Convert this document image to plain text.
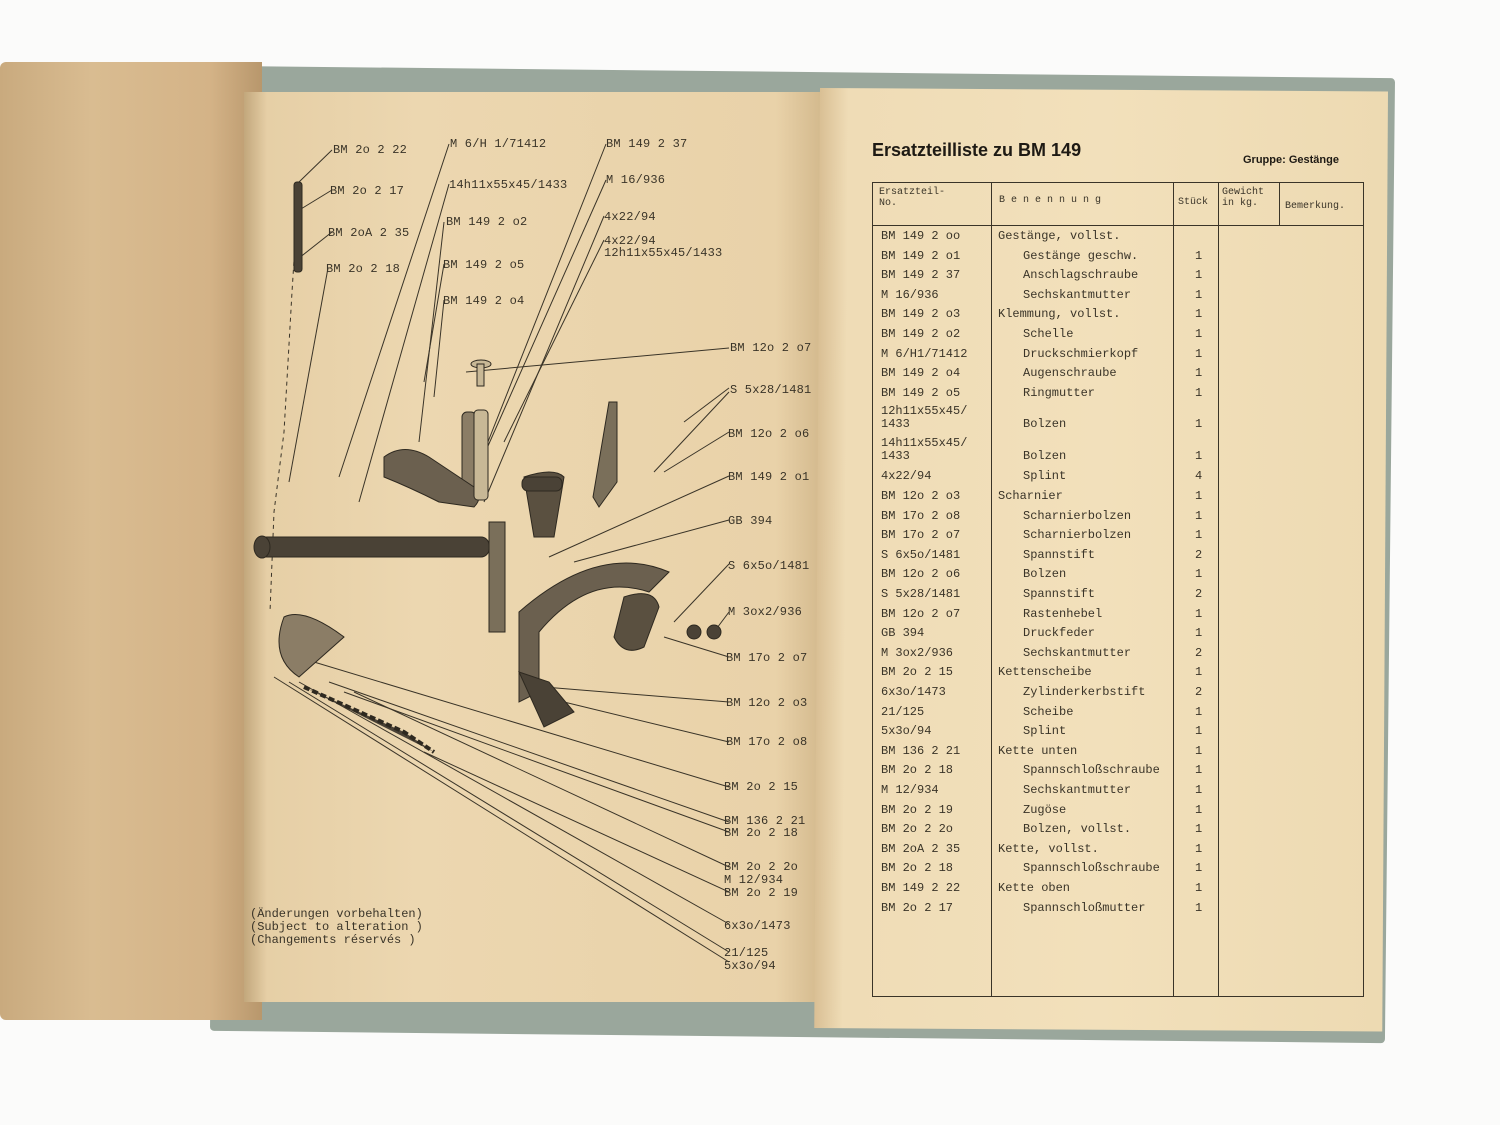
BM 2o 2 22
BM 2o 2 17
BM 2oA 2 35
BM 2o 2 18
M 6/H 1/71412
14h11x55x45/1433
BM 149 2 o2
BM 149 2 o5
BM 149 2 o4
BM 149 2 37
M 16/936
4x22/94
4x22/94
12h11x55x45/1433
BM 12o 2 o7
S 5x28/1481
BM 12o 2 o6
BM 149 2 o1
GB 394
S 6x5o/1481
M 3ox2/936
BM 17o 2 o7
BM 12o 2 o3
BM 17o 2 o8
BM 2o 2 15
BM 136 2 21
BM 2o 2 18
BM 2o 2 2o
M 12/934
BM 2o 2 19
6x3o/1473
21/125
5x3o/94
(Änderungen vorbehalten)
(Subject to alteration )
(Changements réservés )
Ersatzteilliste zu BM 149	Gruppe: Gestänge
Ersatzteil-
No.	B e n e n n u n g	Stück
Gewicht
in kg.	Bemerkung.
BM 149 2 oo	Gestänge, vollst.
BM 149 2 o1	Gestänge geschw.	1
BM 149 2 37	Anschlagschraube	1
M 16/936	Sechskantmutter	1
BM 149 2 o3	Klemmung, vollst.	1
BM 149 2 o2	Schelle	1
M 6/H1/71412	Druckschmierkopf	1
BM 149 2 o4	Augenschraube	1
BM 149 2 o5	Ringmutter	1
12h11x55x45/ 1433	Bolzen	1
14h11x55x45/ 1433	Bolzen	1
4x22/94	Splint	4
BM 12o 2 o3	Scharnier	1
BM 17o 2 o8	Scharnierbolzen	1
BM 17o 2 o7	Scharnierbolzen	1
S 6x5o/1481	Spannstift	2
BM 12o 2 o6	Bolzen	1
S 5x28/1481	Spannstift	2
BM 12o 2 o7	Rastenhebel	1
GB 394	Druckfeder	1
M 3ox2/936	Sechskantmutter	2
BM 2o 2 15	Kettenscheibe	1
6x3o/1473	Zylinderkerbstift	2
21/125	Scheibe	1
5x3o/94	Splint	1
BM 136 2 21	Kette unten	1
BM 2o 2 18	Spannschloßschraube	1
M 12/934	Sechskantmutter	1
BM 2o 2 19	Zugöse	1
BM 2o 2 2o	Bolzen, vollst.	1
BM 2oA 2 35	Kette, vollst.	1
BM 2o 2 18	Spannschloßschraube	1
BM 149 2 22	Kette oben	1
BM 2o 2 17	Spannschloßmutter	1
